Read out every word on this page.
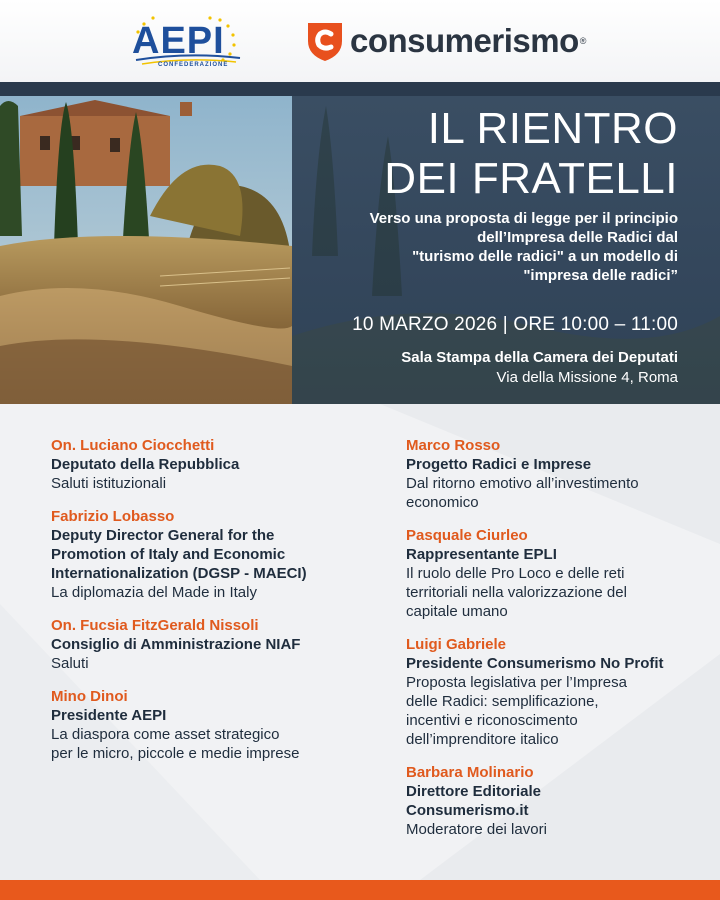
AEPI
CONFEDERAZIONE
consumerismo ®
IL RIENTRO
DEI FRATELLI
Verso una proposta di legge per il principio
dell’Impresa delle Radici dal
"turismo delle radici" a un modello di
"impresa delle radici”
10 MARZO 2026 | ORE 10:00 – 11:00
Sala Stampa della Camera dei Deputati
Via della Missione 4, Roma
On. Luciano Ciocchetti
Deputato della Repubblica
Saluti istituzionali
Fabrizio Lobasso
Deputy Director General for the
Promotion of Italy and Economic
Internationalization (DGSP - MAECI)
La diplomazia del Made in Italy
On. Fucsia FitzGerald Nissoli
Consiglio di Amministrazione NIAF
Saluti
Mino Dinoi
Presidente AEPI
La diaspora come asset strategico
per le micro, piccole e medie imprese
Marco Rosso
Progetto Radici e Imprese
Dal ritorno emotivo all’investimento
economico
Pasquale Ciurleo
Rappresentante EPLI
Il ruolo delle Pro Loco e delle reti
territoriali nella valorizzazione del
capitale umano
Luigi Gabriele
Presidente Consumerismo No Profit
Proposta legislativa per l’Impresa
delle Radici: semplificazione,
incentivi e riconoscimento
dell’imprenditore italico
Barbara Molinario
Direttore Editoriale
Consumerismo.it
Moderatore dei lavori
